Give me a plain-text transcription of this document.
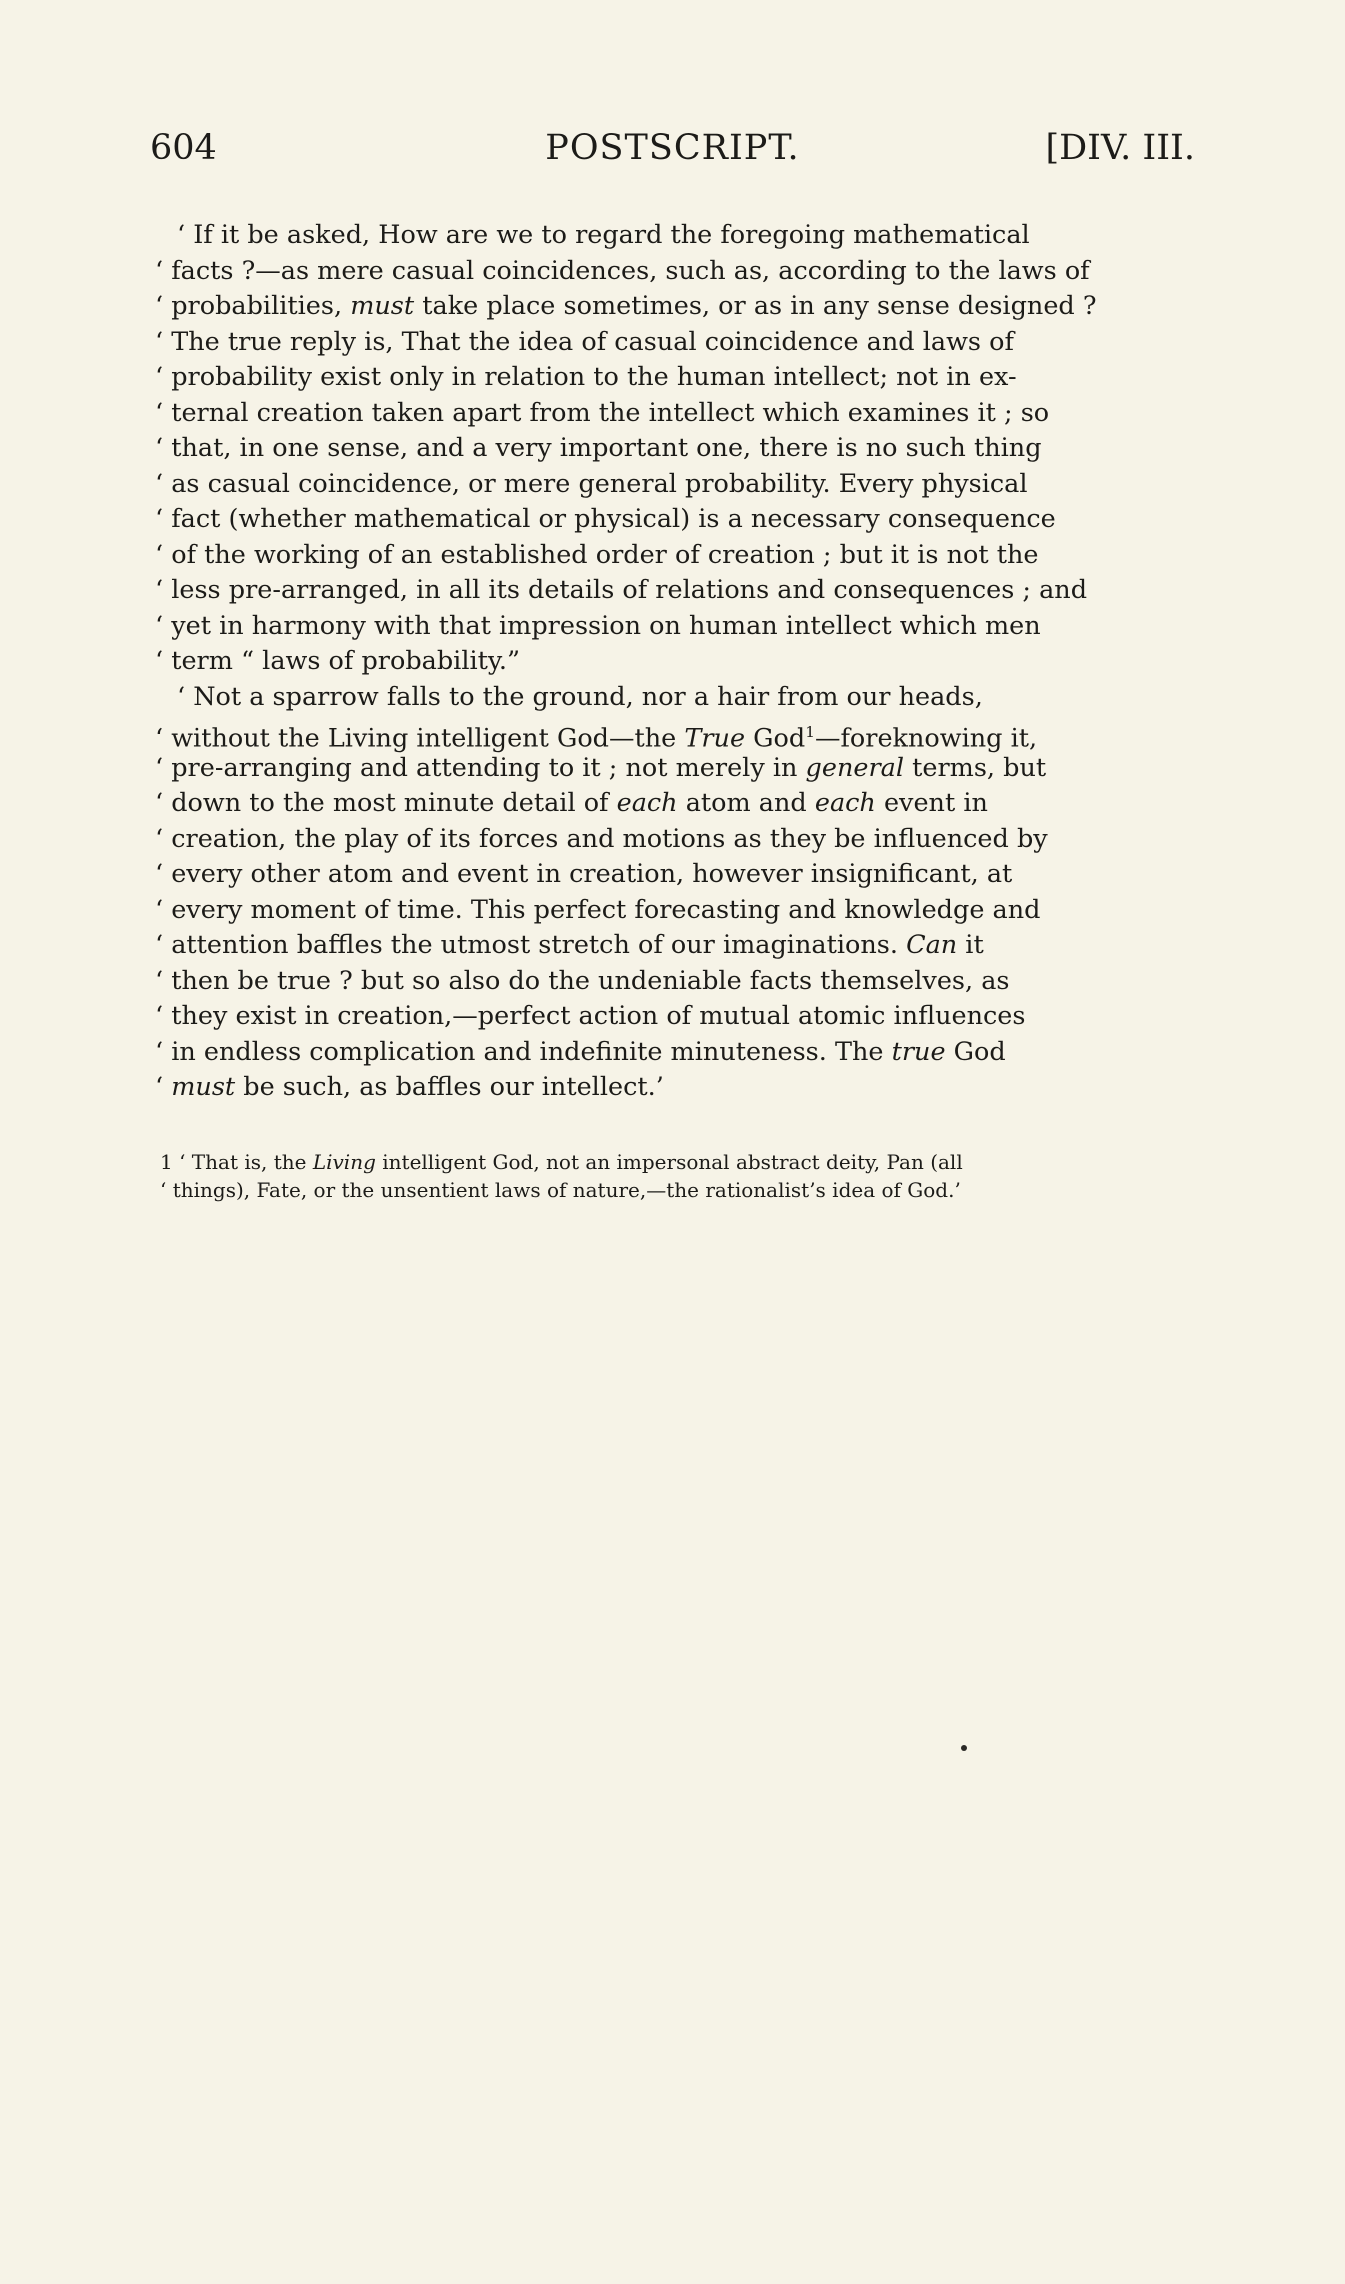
604	POSTSCRIPT.	[DIV. III.
‘ If it be asked, How are we to regard the foregoing mathematical
‘ facts ?—as mere casual coincidences, such as, according to the laws of
‘ probabilities, must take place sometimes, or as in any sense designed ?
‘ The true reply is, That the idea of casual coincidence and laws of
‘ probability exist only in relation to the human intellect; not in ex-
‘ ternal creation taken apart from the intellect which examines it ; so
‘ that, in one sense, and a very important one, there is no such thing
‘ as casual coincidence, or mere general probability. Every physical
‘ fact (whether mathematical or physical) is a necessary consequence
‘ of the working of an established order of creation ; but it is not the
‘ less pre-arranged, in all its details of relations and consequences ; and
‘ yet in harmony with that impression on human intellect which men
‘ term “ laws of probability.”
‘ Not a sparrow falls to the ground, nor a hair from our heads,
‘ without the Living intelligent God—the True God$^1$—foreknowing it,
‘ pre-arranging and attending to it ; not merely in general terms, but
‘ down to the most minute detail of each atom and each event in
‘ creation, the play of its forces and motions as they be influenced by
‘ every other atom and event in creation, however insignificant, at
‘ every moment of time. This perfect forecasting and knowledge and
‘ attention baffles the utmost stretch of our imaginations. Can it
‘ then be true ? but so also do the undeniable facts themselves, as
‘ they exist in creation,—perfect action of mutual atomic influences
‘ in endless complication and indefinite minuteness. The true God
‘ must be such, as baffles our intellect.’
1 ‘ That is, the Living intelligent God, not an impersonal abstract deity, Pan (all
‘ things), Fate, or the unsentient laws of nature,—the rationalist’s idea of God.’
